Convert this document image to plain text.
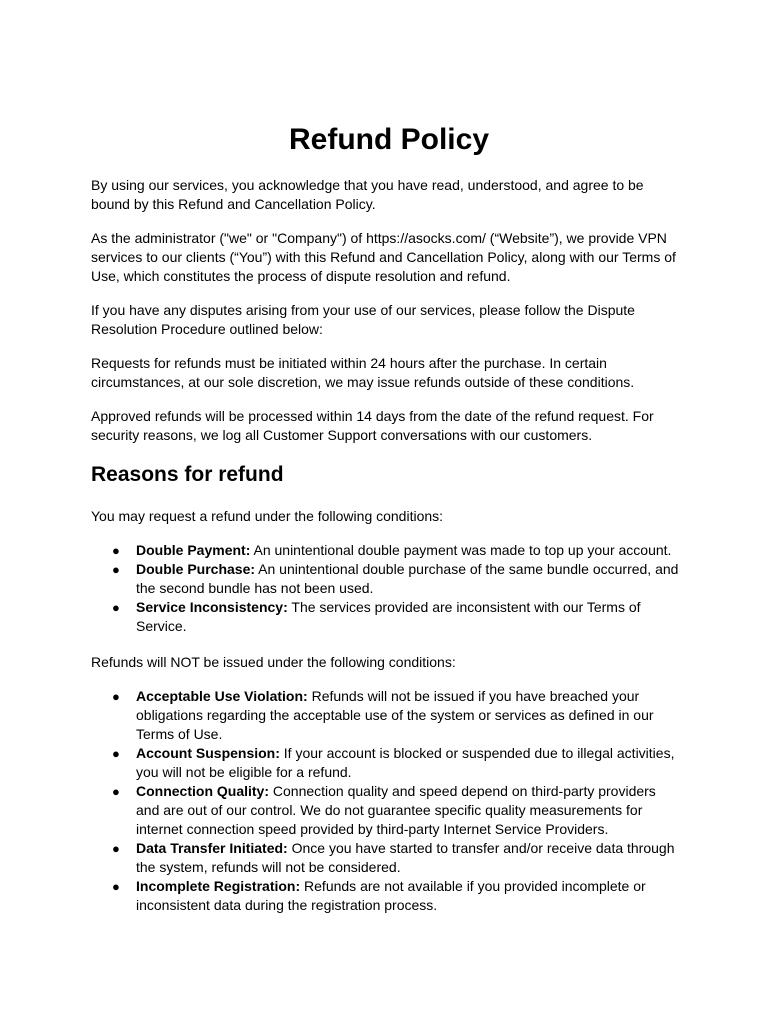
Refund Policy

By using our services, you acknowledge that you have read, understood, and agree to be bound by this Refund and Cancellation Policy.

As the administrator ("we" or "Company") of https://asocks.com/ (“Website”), we provide VPN services to our clients (“You”) with this Refund and Cancellation Policy, along with our Terms of Use, which constitutes the process of dispute resolution and refund.

If you have any disputes arising from your use of our services, please follow the Dispute Resolution Procedure outlined below:

Requests for refunds must be initiated within 24 hours after the purchase. In certain circumstances, at our sole discretion, we may issue refunds outside of these conditions.

Approved refunds will be processed within 14 days from the date of the refund request. For security reasons, we log all Customer Support conversations with our customers.

Reasons for refund

You may request a refund under the following conditions:

● Double Payment: An unintentional double payment was made to top up your account.
● Double Purchase: An unintentional double purchase of the same bundle occurred, and the second bundle has not been used.
● Service Inconsistency: The services provided are inconsistent with our Terms of Service.

Refunds will NOT be issued under the following conditions:

● Acceptable Use Violation: Refunds will not be issued if you have breached your obligations regarding the acceptable use of the system or services as defined in our Terms of Use.
● Account Suspension: If your account is blocked or suspended due to illegal activities, you will not be eligible for a refund.
● Connection Quality: Connection quality and speed depend on third-party providers and are out of our control. We do not guarantee specific quality measurements for internet connection speed provided by third-party Internet Service Providers.
● Data Transfer Initiated: Once you have started to transfer and/or receive data through the system, refunds will not be considered.
● Incomplete Registration: Refunds are not available if you provided incomplete or inconsistent data during the registration process.
